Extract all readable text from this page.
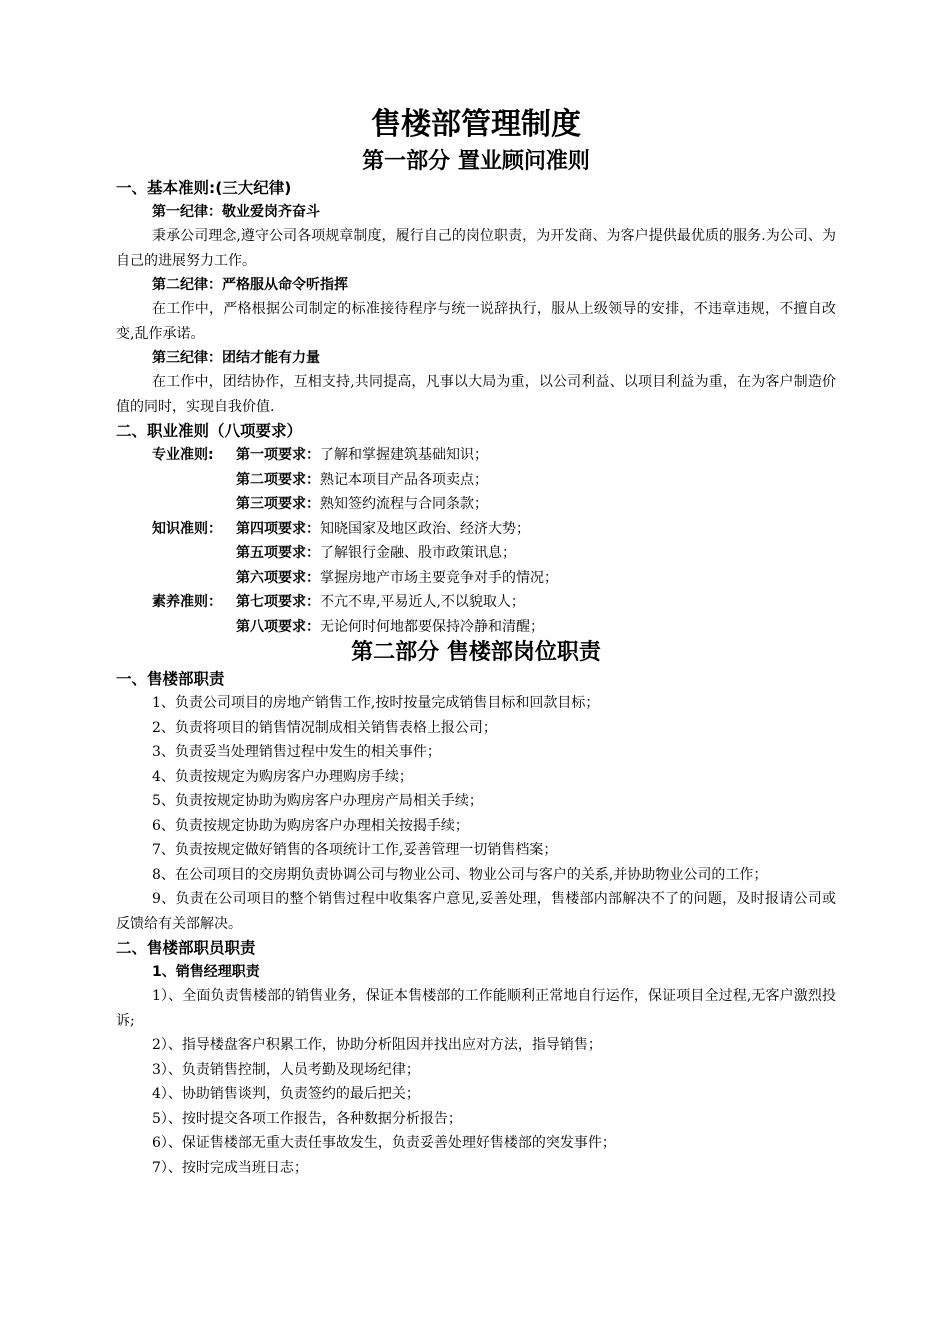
售楼部管理制度
第一部分 置业顾问准则
一、基本准则:(三大纪律)
第一纪律：敬业爱岗齐奋斗
秉承公司理念,遵守公司各项规章制度，履行自己的岗位职责，为开发商、为客户提供最优质的服务.为公司、为自己的进展努力工作。
第二纪律：严格服从命令听指挥
在工作中，严格根据公司制定的标准接待程序与统一说辞执行，服从上级领导的安排，不违章违规，不擅自改变,乱作承诺。
第三纪律：团结才能有力量
在工作中，团结协作，互相支持,共同提高，凡事以大局为重，以公司利益、以项目利益为重，在为客户制造价值的同时，实现自我价值.
二、职业准则（八项要求）
专业准则:	第一项要求： 了解和掌握建筑基础知识；
第二项要求： 熟记本项目产品各项卖点；
第三项要求： 熟知签约流程与合同条款；
知识准则：	第四项要求： 知晓国家及地区政治、经济大势；
第五项要求： 了解银行金融、股市政策讯息；
第六项要求： 掌握房地产市场主要竞争对手的情况；
素养准则：	第七项要求： 不亢不卑,平易近人,不以貌取人；
第八项要求： 无论何时何地都要保持冷静和清醒；
第二部分 售楼部岗位职责
一、售楼部职责
1、负责公司项目的房地产销售工作,按时按量完成销售目标和回款目标；
2、负责将项目的销售情况制成相关销售表格上报公司；
3、负责妥当处理销售过程中发生的相关事件；
4、负责按规定为购房客户办理购房手续；
5、负责按规定协助为购房客户办理房产局相关手续；
6、负责按规定协助为购房客户办理相关按揭手续；
7、负责按规定做好销售的各项统计工作,妥善管理一切销售档案；
8、在公司项目的交房期负责协调公司与物业公司、物业公司与客户的关系,并协助物业公司的工作；
9、负责在公司项目的整个销售过程中收集客户意见,妥善处理，售楼部内部解决不了的问题，及时报请公司或反馈给有关部解决。
二、售楼部职员职责
1、销售经理职责
1）、全面负责售楼部的销售业务，保证本售楼部的工作能顺利正常地自行运作，保证项目全过程,无客户激烈投诉;
2）、指导楼盘客户积累工作，协助分析阻因并找出应对方法，指导销售；
3）、负责销售控制，人员考勤及现场纪律；
4）、协助销售谈判，负责签约的最后把关；
5）、按时提交各项工作报告，各种数据分析报告；
6）、保证售楼部无重大责任事故发生，负责妥善处理好售楼部的突发事件；
7）、按时完成当班日志；
